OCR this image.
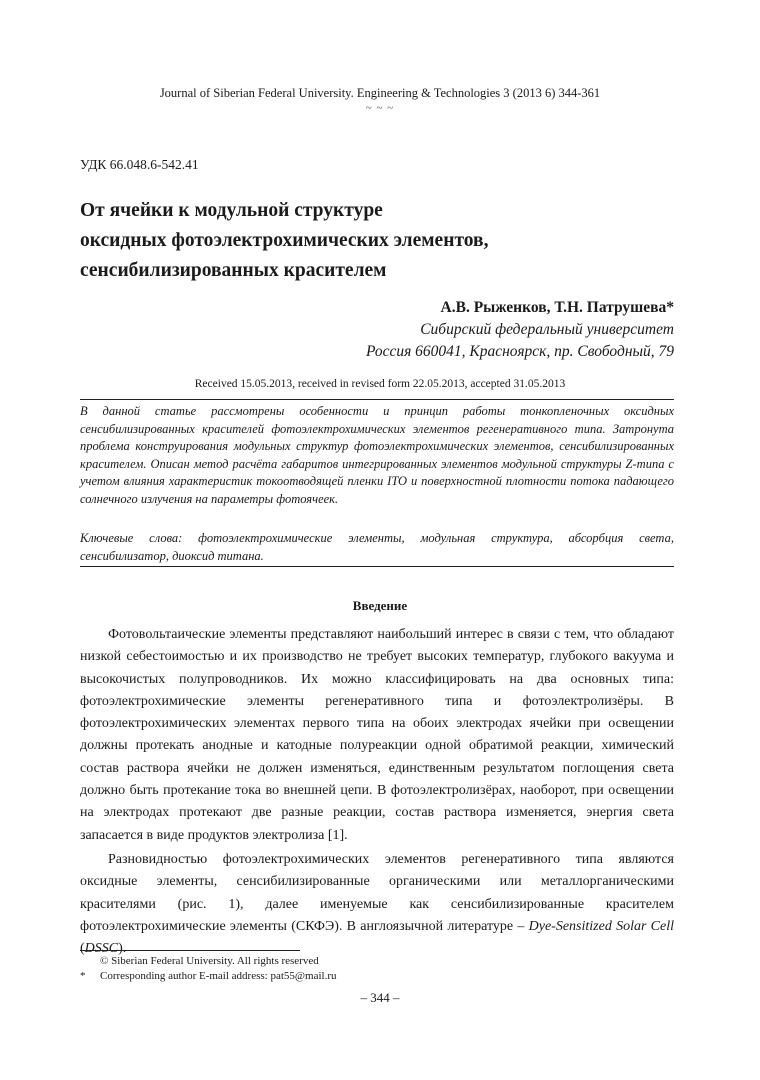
Journal of Siberian Federal University. Engineering & Technologies 3 (2013 6) 344-361
~ ~ ~
УДК 66.048.6-542.41
От ячейки к модульной структуре
оксидных фотоэлектрохимических элементов,
сенсибилизированных красителем
А.В. Рыженков, Т.Н. Патрушева*
Сибирский федеральный университет
Россия 660041, Красноярск, пр. Свободный, 79
Received 15.05.2013, received in revised form 22.05.2013, accepted 31.05.2013
В данной статье рассмотрены особенности и принцип работы тонкопленочных оксидных сенсибилизированных красителей фотоэлектрохимических элементов регенеративного типа. Затронута проблема конструирования модульных структур фотоэлектрохимических элементов, сенсибилизированных красителем. Описан метод расчёта габаритов интегрированных элементов модульной структуры Z-типа с учетом влияния характеристик токоотводящей пленки ITO и поверхностной плотности потока падающего солнечного излучения на параметры фотоячеек.
Ключевые слова: фотоэлектрохимические элементы, модульная структура, абсорбция света, сенсибилизатор, диоксид титана.
Введение

Фотовольтаические элементы представляют наибольший интерес в связи с тем, что обладают низкой себестоимостью и их производство не требует высоких температур, глубокого вакуума и высокочистых полупроводников. Их можно классифицировать на два основных типа: фотоэлектрохимические элементы регенеративного типа и фотоэлектролизёры. В фотоэлектрохимических элементах первого типа на обоих электродах ячейки при освещении должны протекать анодные и катодные полуреакции одной обратимой реакции, химический состав раствора ячейки не должен изменяться, единственным результатом поглощения света должно быть протекание тока во внешней цепи. В фотоэлектролизёрах, наоборот, при освещении на электродах протекают две разные реакции, состав раствора изменяется, энергия света запасается в виде продуктов электролиза [1].

Разновидностью фотоэлектрохимических элементов регенеративного типа являются оксидные элементы, сенсибилизированные органическими или металлорганическими красителями (рис. 1), далее именуемые как сенсибилизированные красителем фотоэлектрохимические элементы (СКФЭ). В англоязычной литературе – Dye-Sensitized Solar Cell (DSSC).

© Siberian Federal University. All rights reserved
*	Corresponding author E-mail address: pat55@mail.ru
– 344 –
